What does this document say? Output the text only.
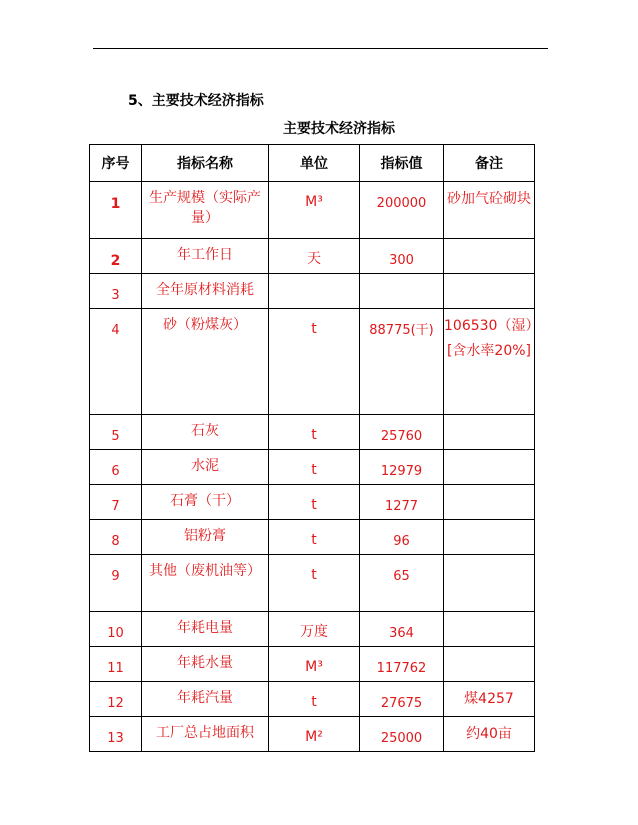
5、主要技术经济指标
主要技术经济指标
序号	指标名称	单位	指标值	备注

1	生产规模（实际产量）	M³	200000	砂加气砼砌块

2	年工作日	天	300	

3	全年原材料消耗			

4	砂（粉煤灰）	t	88775(干)	106530（湿）
[含水率20%]

5	石灰	t	25760	

6	水泥	t	12979	

7	石膏（干）	t	1277	

8	铝粉膏	t	96	

9	其他（废机油等）	t	65	

10	年耗电量	万度	364	

11	年耗水量	M³	117762	

12	年耗汽量	t	27675	煤4257

13	工厂总占地面积	M²	25000	约40亩
